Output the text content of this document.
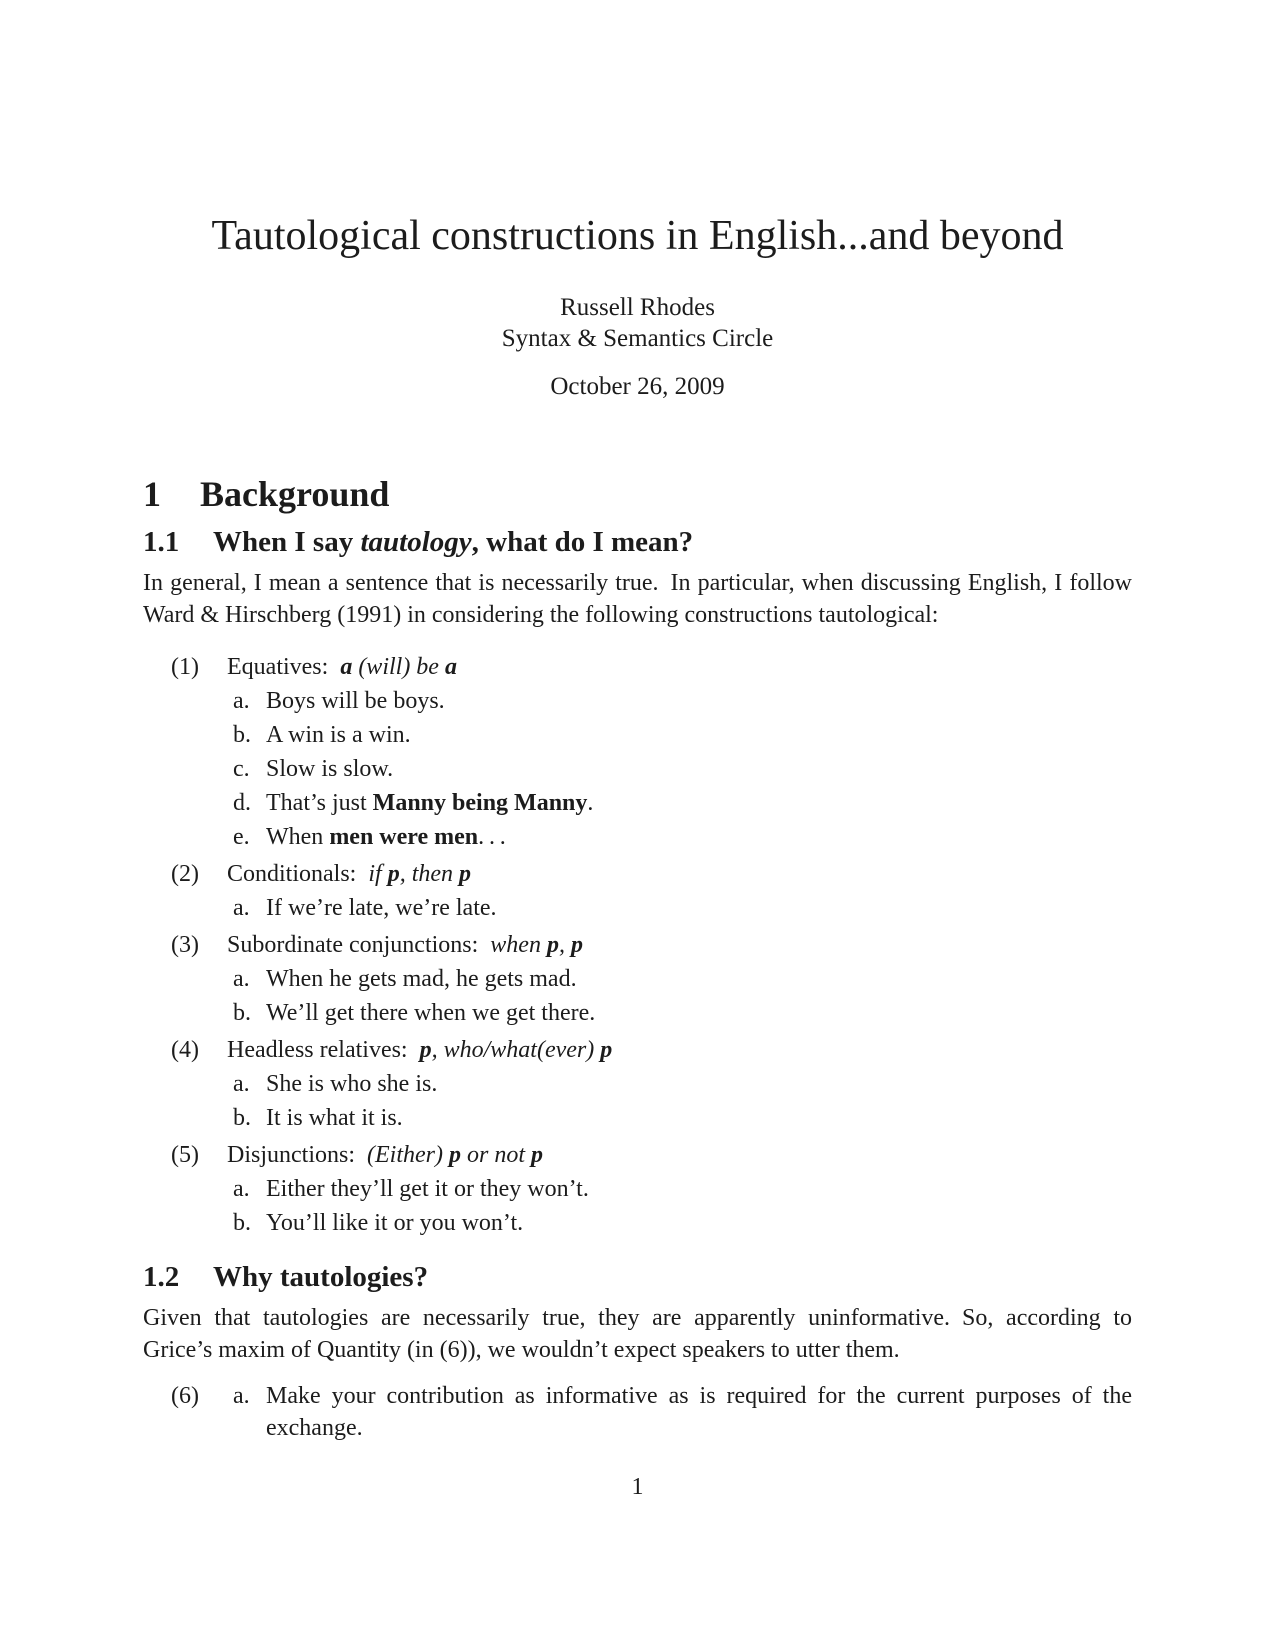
Tautological constructions in English...and beyond
Russell Rhodes
Syntax & Semantics Circle
October 26, 2009
1	Background
1.1	When I say tautology, what do I mean?

In general, I mean a sentence that is necessarily true. In particular, when discussing English, I follow Ward & Hirschberg (1991) in considering the following constructions tautological:

(1)	Equatives: a (will) be a
a. Boys will be boys.
b. A win is a win.
c. Slow is slow.
d. That’s just Manny being Manny.
e. When men were men. . .
(2)	Conditionals: if p, then p
a. If we’re late, we’re late.
(3)	Subordinate conjunctions: when p, p
a. When he gets mad, he gets mad.
b. We’ll get there when we get there.
(4)	Headless relatives: p, who/what(ever) p
a. She is who she is.
b. It is what it is.
(5)	Disjunctions: (Either) p or not p
a. Either they’ll get it or they won’t.
b. You’ll like it or you won’t.
1.2	Why tautologies?

Given that tautologies are necessarily true, they are apparently uninformative. So, according to Grice’s maxim of Quantity (in (6)), we wouldn’t expect speakers to utter them.

(6)	a. Make your contribution as informative as is required for the current purposes of the exchange.
1
